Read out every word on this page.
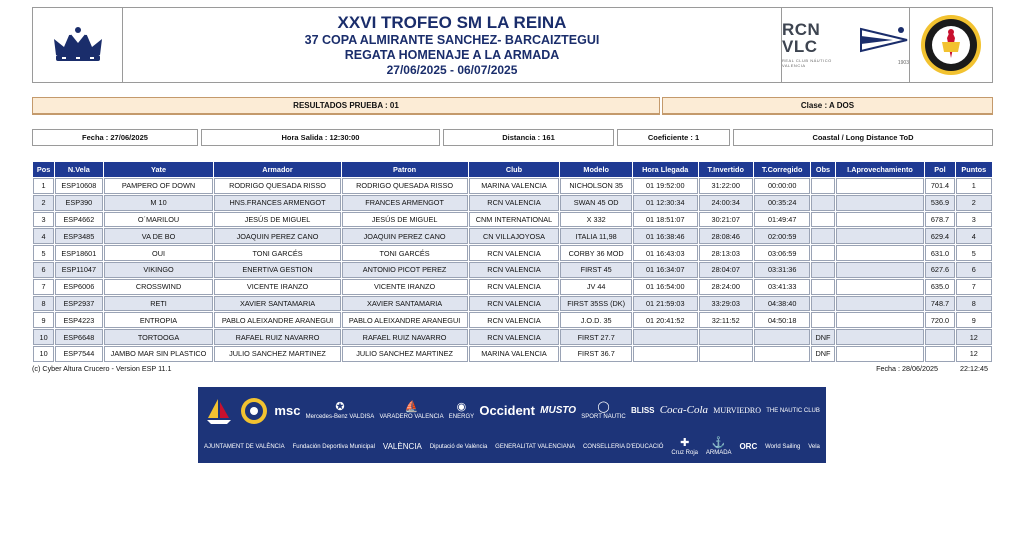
XXVI TROFEO SM LA REINA
37 COPA ALMIRANTE SANCHEZ- BARCAIZTEGUI
REGATA HOMENAJE A LA ARMADA
27/06/2025 - 06/07/2025
RCN
VLC
REAL CLUB NÁUTICO VALENCIA	1903
RESULTADOS PRUEBA : 01	Clase : A DOS
Fecha : 27/06/2025	Hora Salida : 12:30:00	Distancia : 161	Coeficiente : 1	Coastal / Long Distance ToD
Pos	N.Vela	Yate	Armador	Patron	Club	Modelo	Hora Llegada	T.Invertido	T.Corregido	Obs	I.Aprovechamiento	Pol	Puntos
1	ESP10608	PAMPERO OF DOWN	RODRIGO QUESADA RISSO	RODRIGO QUESADA RISSO	MARINA VALENCIA	NICHOLSON 35	01 19:52:00	31:22:00	00:00:00			701.4	1
2	ESP390	M 10	HNS.FRANCES ARMENGOT	FRANCES ARMENGOT	RCN VALENCIA	SWAN 45 OD	01 12:30:34	24:00:34	00:35:24			536.9	2
3	ESP4662	O´MARILOU	JESÚS DE MIGUEL	JESÚS DE MIGUEL	CNM INTERNATIONAL	X 332	01 18:51:07	30:21:07	01:49:47			678.7	3
4	ESP3485	VA DE BO	JOAQUIN PEREZ CANO	JOAQUIN PEREZ CANO	CN VILLAJOYOSA	ITALIA 11,98	01 16:38:46	28:08:46	02:00:59			629.4	4
5	ESP18601	OUI	TONI GARCÉS	TONI GARCÉS	RCN VALENCIA	CORBY 36 MOD	01 16:43:03	28:13:03	03:06:59			631.0	5
6	ESP11047	VIKINGO	ENERTIVA GESTION	ANTONIO PICOT PEREZ	RCN VALENCIA	FIRST 45	01 16:34:07	28:04:07	03:31:36			627.6	6
7	ESP6006	CROSSWIND	VICENTE IRANZO	VICENTE IRANZO	RCN VALENCIA	JV 44	01 16:54:00	28:24:00	03:41:33			635.0	7
8	ESP2937	RETI	XAVIER SANTAMARIA	XAVIER SANTAMARIA	RCN VALENCIA	FIRST 35SS (DK)	01 21:59:03	33:29:03	04:38:40			748.7	8
9	ESP4223	ENTROPIA	PABLO ALEIXANDRE ARANEGUI	PABLO ALEIXANDRE ARANEGUI	RCN VALENCIA	J.O.D. 35	01 20:41:52	32:11:52	04:50:18			720.0	9
10	ESP6648	TORTOOGA	RAFAEL RUIZ NAVARRO	RAFAEL RUIZ NAVARRO	RCN VALENCIA	FIRST 27.7				DNF			12
10	ESP7544	JAMBO MAR SIN PLASTICO	JULIO SANCHEZ MARTINEZ	JULIO SANCHEZ MARTINEZ	MARINA VALENCIA	FIRST 36.7				DNF			12
(c) Cyber Altura Crucero - Version ESP 11.1	Fecha : 28/06/2025	22:12:45
msc	✪
Mercedes-Benz VALDISA
⛵
VARADERO VALENCIA
◉
ENERGY Occident MUSTO ◯
SPORT NAUTIC
BLISS Coca-Cola MURVIEDRO THE NAUTIC CLUB
AJUNTAMENT DE VALÈNCIA Fundación Deportiva Municipal VALÈNCIA Diputació de València GENERALITAT VALENCIANA CONSELLERIA D'EDUCACIÓ ✚
Cruz Roja
⚓
ARMADA
ORC World Sailing Vela
